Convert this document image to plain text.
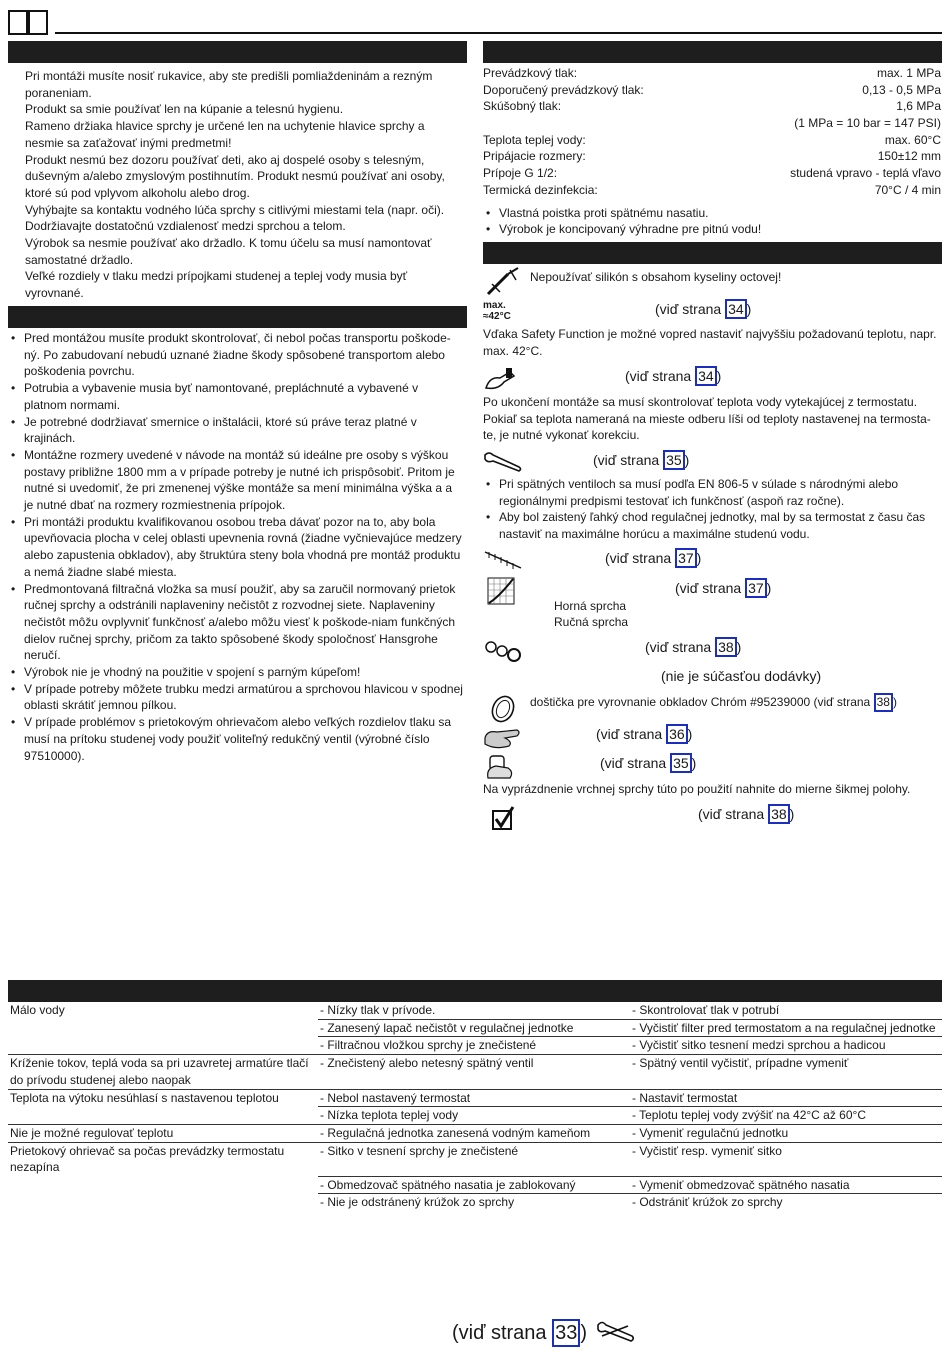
Pri montáži musíte nosiť rukavice, aby ste predišli pomliaždeninám a rezným poraneniam.

Produkt sa smie používať len na kúpanie a telesnú hygienu.

Rameno držiaka hlavice sprchy je určené len na uchytenie hlavice sprchy a nesmie sa zaťažovať inými predmetmi!

Produkt nesmú bez dozoru používať deti, ako aj dospelé osoby s telesným, duševným a/alebo zmyslovým postihnutím. Produkt nesmú používať ani osoby, ktoré sú pod vplyvom alkoholu alebo drog.

Vyhýbajte sa kontaktu vodného lúča sprchy s citlivými miestami tela (napr. oči). Dodržiavajte dostatočnú vzdialenosť medzi sprchou a telom.

Výrobok sa nesmie používať ako držadlo. K tomu účelu sa musí namontovať samostatné držadlo.

Veľké rozdiely v tlaku medzi prípojkami studenej a teplej vody musia byť vyrovnané.

• Pred montážou musíte produkt skontrolovať, či nebol počas transportu poškode-ný. Po zabudovaní nebudú uznané žiadne škody spôsobené transportom alebo poškodenia povrchu.
• Potrubia a vybavenie musia byť namontované, prepláchnuté a vybavené v platnom normami.
• Je potrebné dodržiavať smernice o inštalácii, ktoré sú práve teraz platné v krajinách.
• Montážne rozmery uvedené v návode na montáž sú ideálne pre osoby s výškou postavy približne 1800 mm a v prípade potreby je nutné ich prispôsobiť. Pritom je nutné si uvedomiť, že pri zmenenej výške montáže sa mení minimálna výška a a je nutné dbať na rozmery rozmiestnenia prípojok.
• Pri montáži produktu kvalifikovanou osobou treba dávať pozor na to, aby bola upevňovacia plocha v celej oblasti upevnenia rovná (žiadne vyčnievajúce medzery alebo zapustenia obkladov), aby štruktúra steny bola vhodná pre montáž produktu a nemá žiadne slabé miesta.
• Predmontovaná filtračná vložka sa musí použiť, aby sa zaručil normovaný prietok ručnej sprchy a odstránili naplaveniny nečistôt z rozvodnej siete. Naplaveniny nečistôt môžu ovplyvniť funkčnosť a/alebo môžu viesť k poškode-niam funkčných dielov ručnej sprchy, pričom za takto spôsobené škody spoločnosť Hansgrohe neručí.
• Výrobok nie je vhodný na použitie v spojení s parným kúpeľom!
• V prípade potreby môžete trubku medzi armatúrou a sprchovou hlavicou v spodnej oblasti skrátiť jemnou pílkou.
• V prípade problémov s prietokovým ohrievačom alebo veľkých rozdielov tlaku sa musí na prítoku studenej vody použiť voliteľný redukčný ventil (výrobné číslo 97510000).
Prevádzkový tlak:	max. 1 MPa
Doporučený prevádzkový tlak:	0,13 - 0,5 MPa
Skúšobný tlak:	1,6 MPa
(1 MPa = 10 bar = 147 PSI)
Teplota teplej vody:	max. 60°C
Pripájacie rozmery:	150±12 mm
Prípoje G 1/2:	studená vpravo - teplá vľavo
Termická dezinfekcia:	70°C / 4 min
• Vlastná poistka proti spätnému nasatiu.
• Výrobok je koncipovaný výhradne pre pitnú vodu!
Nepoužívať silikón s obsahom kyseliny octovej!
max.
≈42°C	(viď strana 34 )
Vďaka Safety Function je možné vopred nastaviť najvyššiu požadovanú teplotu, napr. max. 42°C.
(viď strana 34 )
Po ukončení montáže sa musí skontrolovať teplota vody vytekajúcej z termostatu. Pokiaľ sa teplota nameraná na mieste odberu líši od teploty nastavenej na termosta-te, je nutné vykonať korekciu.
(viď strana 35 )
• Pri spätných ventiloch sa musí podľa EN 806-5 v súlade s národnými alebo regionálnymi predpismi testovať ich funkčnosť (aspoň raz ročne).
• Aby bol zaistený ľahký chod regulačnej jednotky, mal by sa termostat z času čas nastaviť na maximálne horúcu a maximálne studenú vodu.
(viď strana 37 )
(viď strana 37 )
Horná sprcha
Ručná sprcha
(viď strana 38 )
(nie je súčasťou dodávky)
doštička pre vyrovnanie obkladov Chróm #95239000 (viď strana 38 )
(viď strana 36 )
(viď strana 35 )
Na vyprázdnenie vrchnej sprchy túto po použití nahnite do mierne šikmej polohy.
(viď strana 38 )
Málo vody	- Nízky tlak v prívode.	- Skontrolovať tlak v potrubí
	- Zanesený lapač nečistôt v regulačnej jednotke	- Vyčistiť filter pred termostatom a na regulačnej jednotke
	- Filtračnou vložkou sprchy je znečistené	- Vyčistiť sitko tesnení medzi sprchou a hadicou
Kríženie tokov, teplá voda sa pri uzavretej armatúre tlačí do prívodu studenej alebo naopak	- Znečistený alebo netesný spätný ventil	- Spätný ventil vyčistiť, prípadne vymeniť
Teplota na výtoku nesúhlasí s nastavenou teplotou	- Nebol nastavený termostat	- Nastaviť termostat
	- Nízka teplota teplej vody	- Teplotu teplej vody zvýšiť na 42°C až 60°C
Nie je možné regulovať teplotu	- Regulačná jednotka zanesená vodným kameňom	- Vymeniť regulačnú jednotku
Prietokový ohrievač sa počas prevádzky termostatu nezapína	- Sitko v tesnení sprchy je znečistené	- Vyčistiť resp. vymeniť sitko
	- Obmedzovač spätného nasatia je zablokovaný	- Vymeniť obmedzovač spätného nasatia
	- Nie je odstránený krúžok zo sprchy	- Odstrániť krúžok zo sprchy
(viď strana 33 )
